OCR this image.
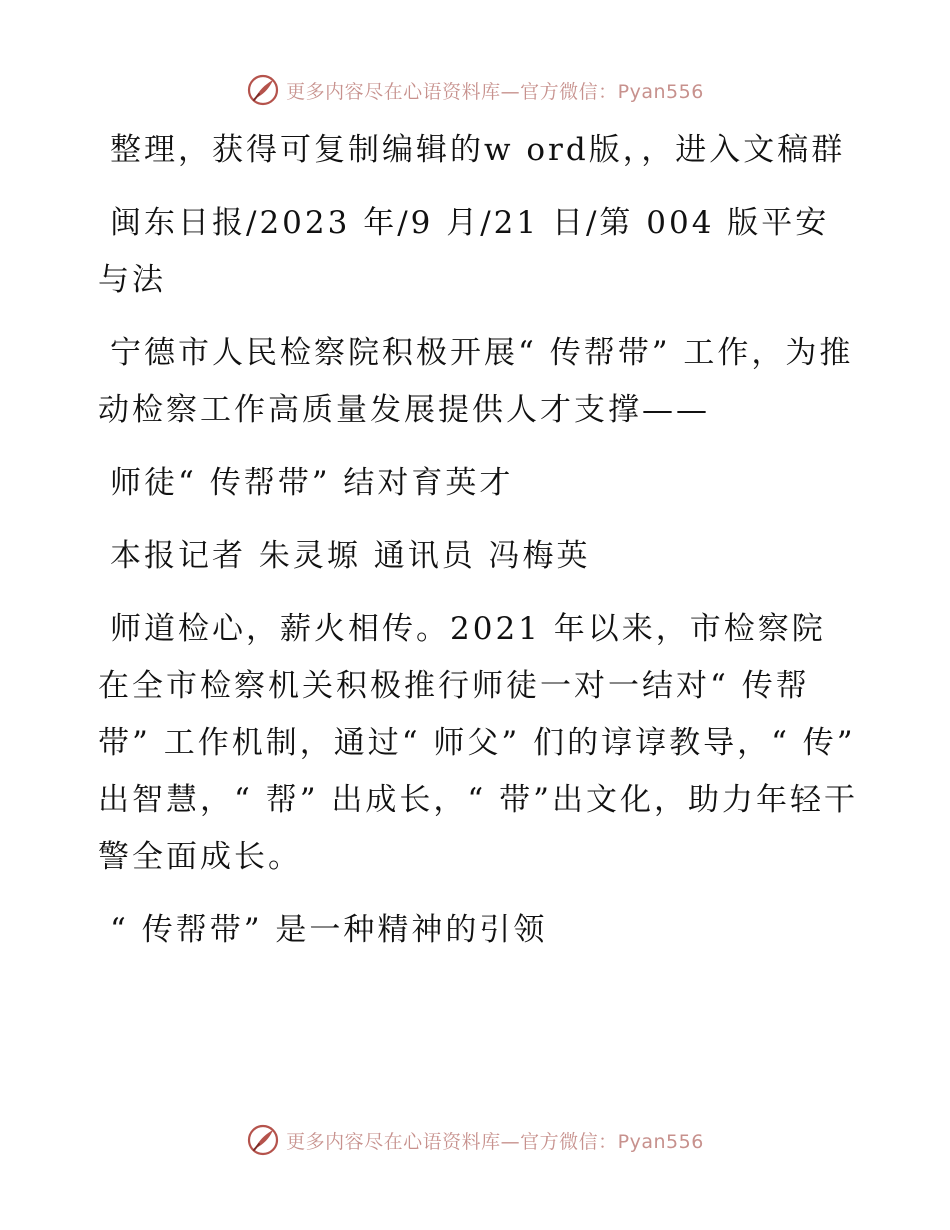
更多内容尽在心语资料库—官方微信：Pyan556

整理，获得可复制编辑的w ord版，，进入文稿群

闽东日报/2023 年/9 月/21 日/第 004 版平安与法

宁德市人民检察院积极开展“ 传帮带” 工作，为推动检察工作高质量发展提供人才支撑——

师徒“ 传帮带” 结对育英才

本报记者 朱灵塬 通讯员 冯梅英

师道检心，薪火相传。2021 年以来，市检察院在全市检察机关积极推行师徒一对一结对“ 传帮带” 工作机制，通过“ 师父” 们的谆谆教导，“ 传” 出智慧，“ 帮” 出成长，“ 带”出文化，助力年轻干警全面成长。

“ 传帮带” 是一种精神的引领

更多内容尽在心语资料库—官方微信：Pyan556
